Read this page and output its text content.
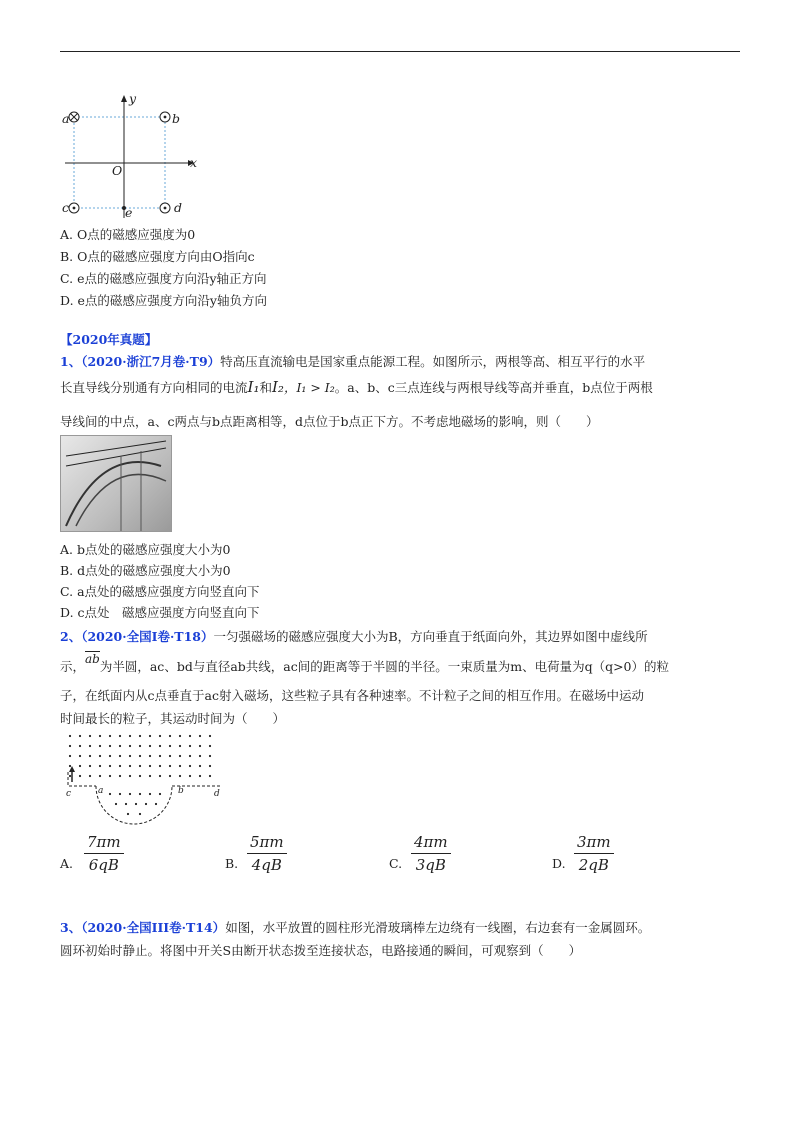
a	b
c	d
e
O
x
y
A. O点的磁感应强度为0
B. O点的磁感应强度方向由O指向c
C. e点的磁感应强度方向沿y轴正方向
D. e点的磁感应强度方向沿y轴负方向
【2020年真题】
1、（2020·浙江7月卷·T9）特高压直流输电是国家重点能源工程。如图所示，两根等高、相互平行的水平
长直导线分别通有方向相同的电流I₁和I₂，I₁ > I₂。a、b、c三点连线与两根导线等高并垂直，b点位于两根
导线间的中点，a、c两点与b点距离相等，d点位于b点正下方。不考虑地磁场的影响，则（　　）
A. b点处的磁感应强度大小为0
B. d点处的磁感应强度大小为0
C. a点处的磁感应强度方向竖直向下
D. c点处　磁感应强度方向竖直向下
2、（2020·全国Ⅰ卷·T18）一匀强磁场的磁感应强度大小为B，方向垂直于纸面向外，其边界如图中虚线所
示，ab为半圆，ac、bd与直径ab共线，ac间的距离等于半圆的半径。一束质量为m、电荷量为q（q>0）的粒
子，在纸面内从c点垂直于ac射入磁场，这些粒子具有各种速率。不计粒子之间的相互作用。在磁场中运动
时间最长的粒子，其运动时间为（　　）
c	a	b	d
A.
7πm
6qB	B.
5πm
4qB	C.
4πm
3qB	D.
3πm
2qB
3、（2020·全国III卷·T14）如图，水平放置的圆柱形光滑玻璃棒左边绕有一线圈，右边套有一金属圆环。
圆环初始时静止。将图中开关S由断开状态拨至连接状态，电路接通的瞬间，可观察到（　　）
